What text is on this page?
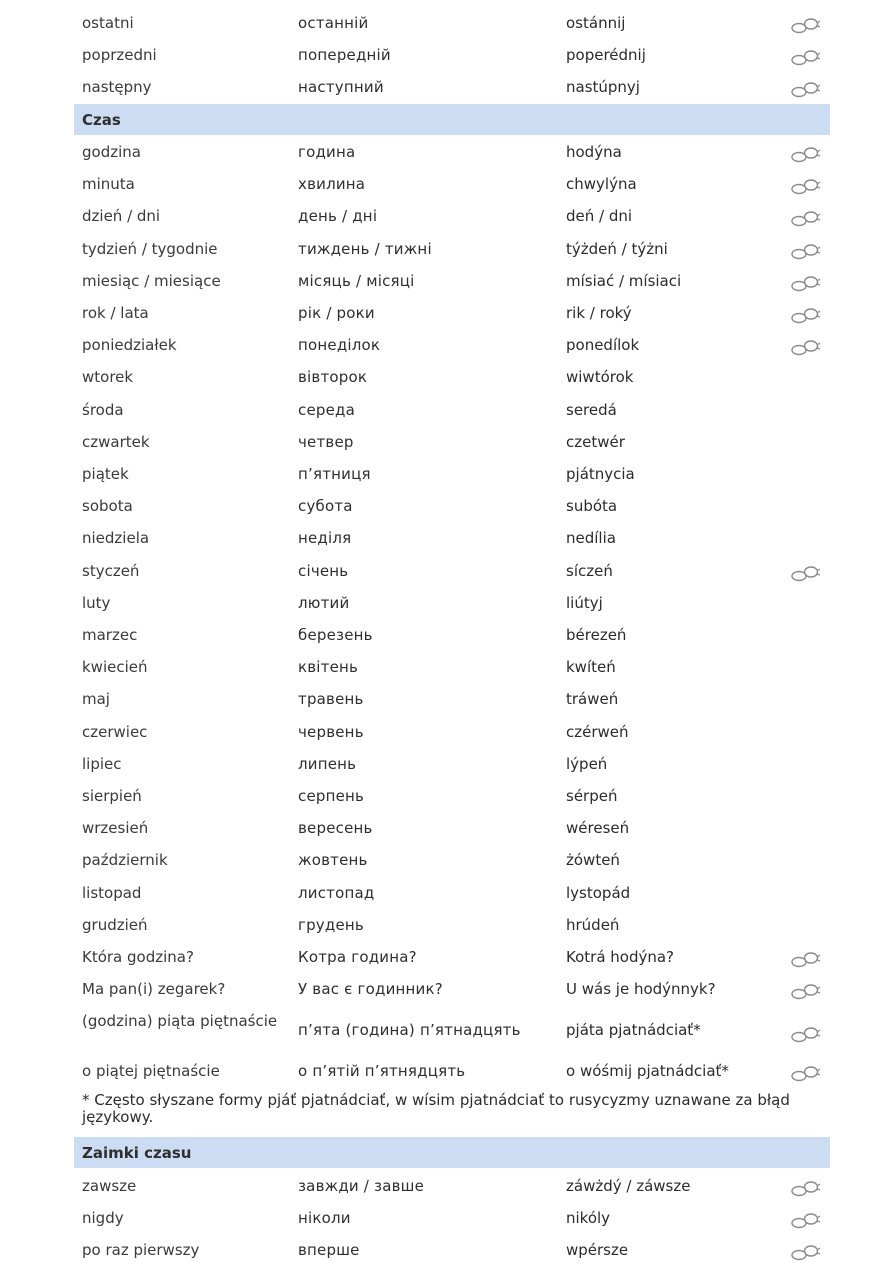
ostatni	останній	ostánnij
poprzedni	попередній	poperédnij
następny	наступний	nastúpnyj
Czas
godzina	година	hodýna
minuta	хвилина	chwylýna
dzień / dni	день / дні	deń / dni
tydzień / tygodnie	тиждень / тижні	týżdeń / týżni
miesiąc / miesiące	місяць / місяці	mísiać / mísiaci
rok / lata	рік / роки	rik / roký
poniedziałek	понеділок	ponedílok
wtorek	вівторок	wiwtórok
środa	середа	seredá
czwartek	четвер	czetwér
piątek	п’ятниця	pjátnycia
sobota	субота	subóta
niedziela	неділя	nedília
styczeń	січень	síczeń
luty	лютий	liútyj
marzec	березень	bérezeń
kwiecień	квітень	kwíteń
maj	травень	tráweń
czerwiec	червень	czérweń
lipiec	липень	lýpeń
sierpień	серпень	sérpeń
wrzesień	вересень	wéreseń
październik	жовтень	żówteń
listopad	листопад	lystopád
grudzień	грудень	hrúdeń
Która godzina?	Котра година?	Kotrá hodýna?
Ma pan(i) zegarek?	У вас є годинник?	U wás je hodýnnyk?
(godzina) piąta piętnaście	п’ята (година) п’ятнадцять	pjáta pjatnádciať*
o piątej piętnaście	о п’ятій п’ятнядцять	o wóśmij pjatnádciať*
* Często słyszane formy pjáť pjatnádciať, w wísim pjatnádciať to rusycyzmy uznawane za błąd językowy.
Zaimki czasu
zawsze	завжди / завше	záwżdý / záwsze
nigdy	ніколи	nikóly
po raz pierwszy	вперше	wpérsze
